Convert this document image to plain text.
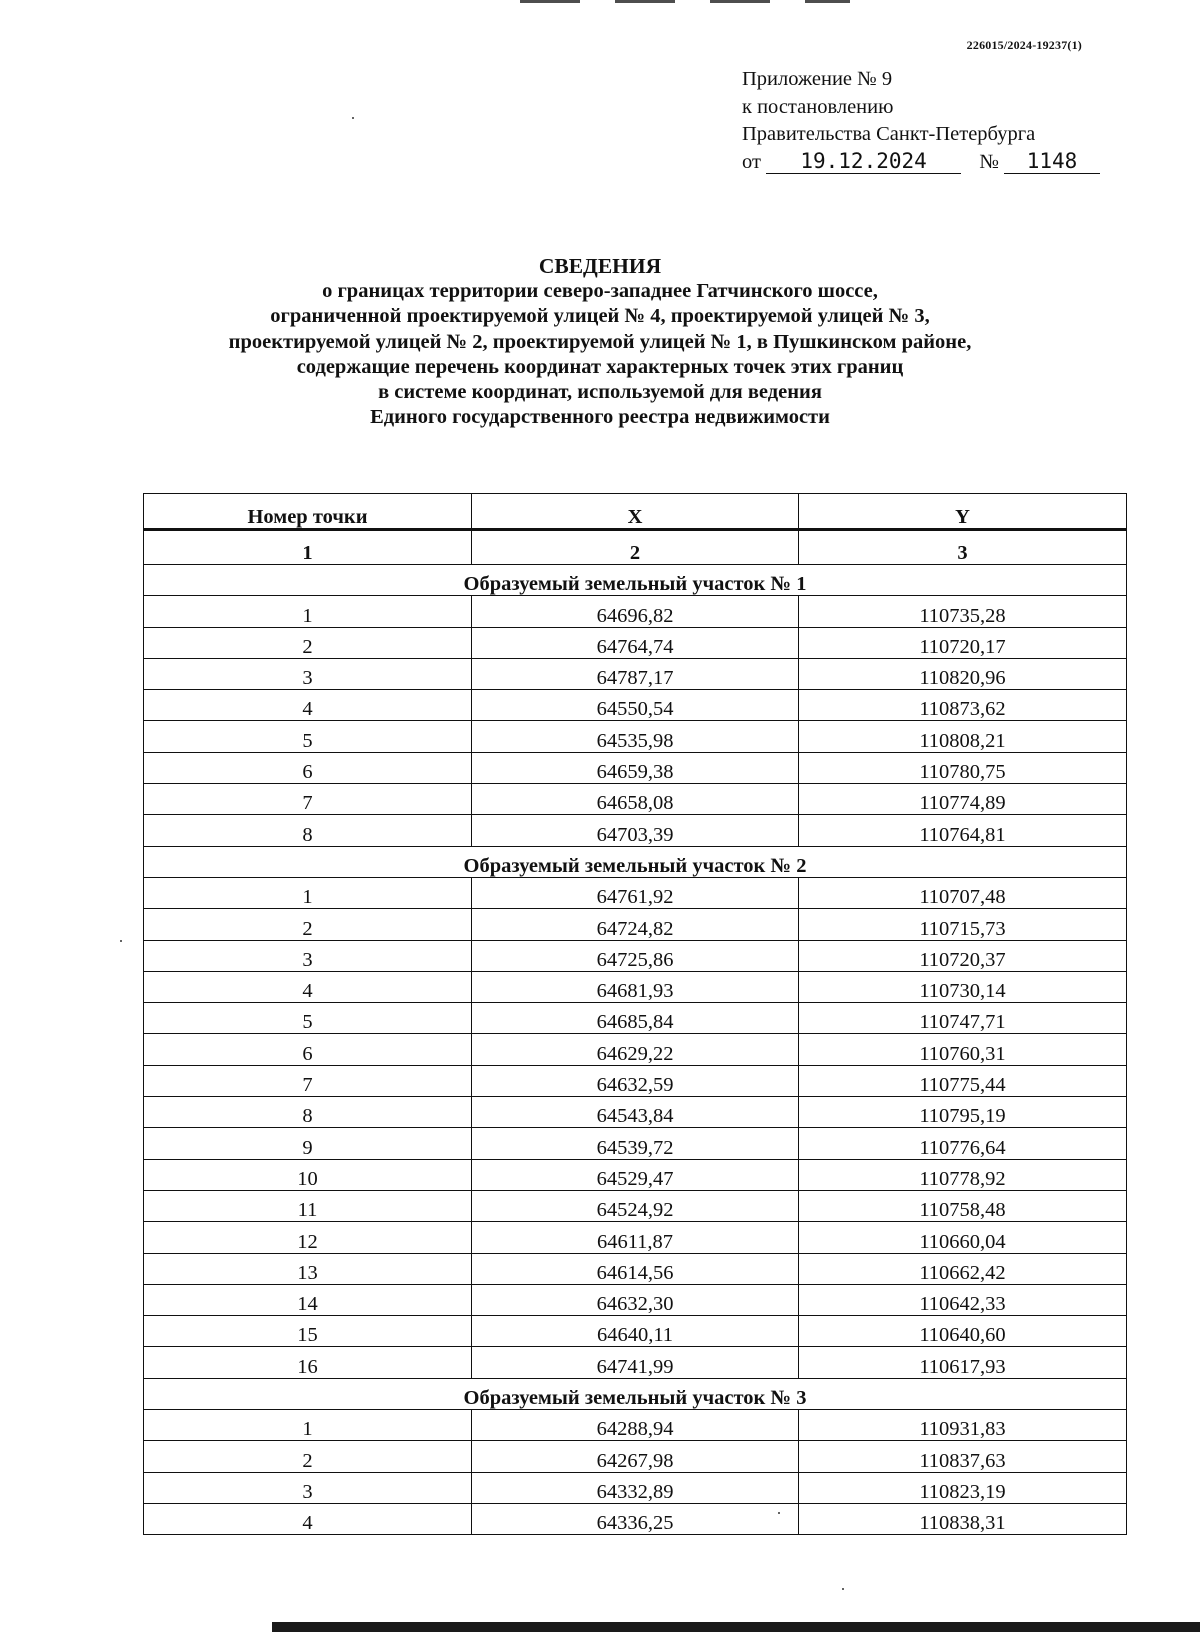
226015/2024-19237(1)
Приложение № 9
к постановлению
Правительства Санкт-Петербурга
от 19.12.2024	№ 1148
СВЕДЕНИЯ
о границах территории северо-западнее Гатчинского шоссе,
ограниченной проектируемой улицей № 4, проектируемой улицей № 3,
проектируемой улицей № 2, проектируемой улицей № 1, в Пушкинском районе,
содержащие перечень координат характерных точек этих границ
в системе координат, используемой для ведения
Единого государственного реестра недвижимости
Номер точки	X	Y
1	2	3
Образуемый земельный участок № 1		
1	64696,82	110735,28
2	64764,74	110720,17
3	64787,17	110820,96
4	64550,54	110873,62
5	64535,98	110808,21
6	64659,38	110780,75
7	64658,08	110774,89
8	64703,39	110764,81
Образуемый земельный участок № 2		
1	64761,92	110707,48
2	64724,82	110715,73
3	64725,86	110720,37
4	64681,93	110730,14
5	64685,84	110747,71
6	64629,22	110760,31
7	64632,59	110775,44
8	64543,84	110795,19
9	64539,72	110776,64
10	64529,47	110778,92
11	64524,92	110758,48
12	64611,87	110660,04
13	64614,56	110662,42
14	64632,30	110642,33
15	64640,11	110640,60
16	64741,99	110617,93
Образуемый земельный участок № 3		
1	64288,94	110931,83
2	64267,98	110837,63
3	64332,89	110823,19
4	64336,25	110838,31
